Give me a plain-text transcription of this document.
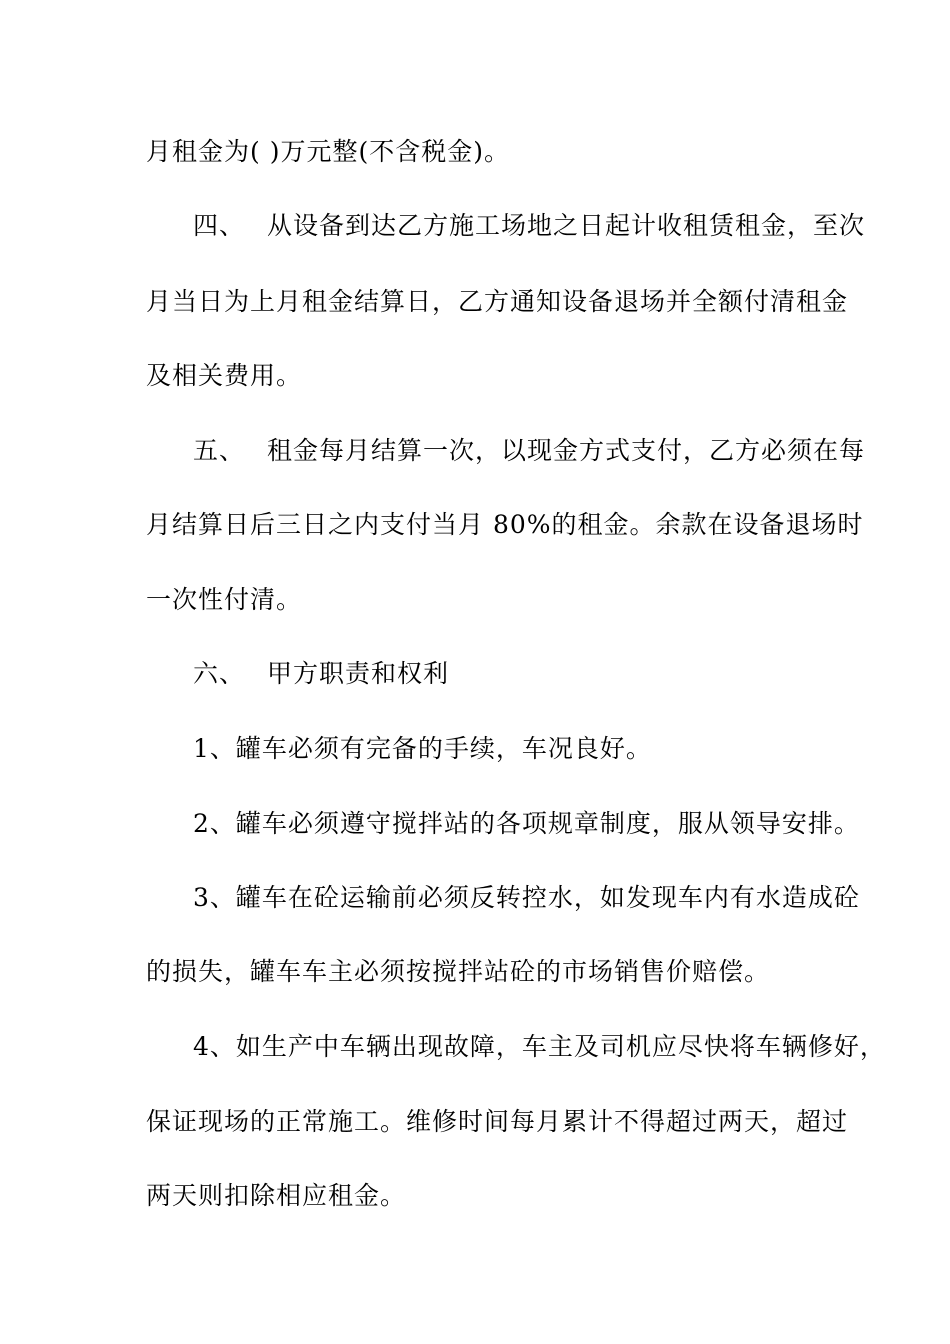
月租金为( )万元整(不含税金)。
四、 从设备到达乙方施工场地之日起计收租赁租金，至次
月当日为上月租金结算日，乙方通知设备退场并全额付清租金
及相关费用。
五、 租金每月结算一次，以现金方式支付，乙方必须在每
月结算日后三日之内支付当月 80%的租金。余款在设备退场时
一次性付清。
六、 甲方职责和权利
1、罐车必须有完备的手续，车况良好。
2、罐车必须遵守搅拌站的各项规章制度，服从领导安排。
3、罐车在砼运输前必须反转控水，如发现车内有水造成砼
的损失，罐车车主必须按搅拌站砼的市场销售价赔偿。
4、如生产中车辆出现故障，车主及司机应尽快将车辆修好，
保证现场的正常施工。维修时间每月累计不得超过两天，超过
两天则扣除相应租金。
